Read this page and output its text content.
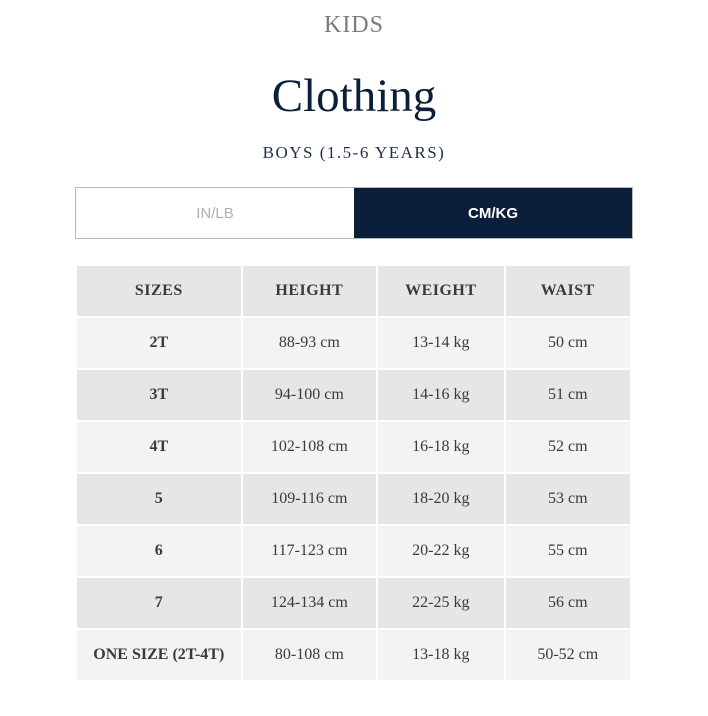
KIDS
Clothing
BOYS (1.5-6 YEARS)
IN/LB	CM/KG
SIZES	HEIGHT	WEIGHT	WAIST
2T	88-93 cm	13-14 kg	50 cm
3T	94-100 cm	14-16 kg	51 cm
4T	102-108 cm	16-18 kg	52 cm
5	109-116 cm	18-20 kg	53 cm
6	117-123 cm	20-22 kg	55 cm
7	124-134 cm	22-25 kg	56 cm
ONE SIZE (2T-4T)	80-108 cm	13-18 kg	50-52 cm
